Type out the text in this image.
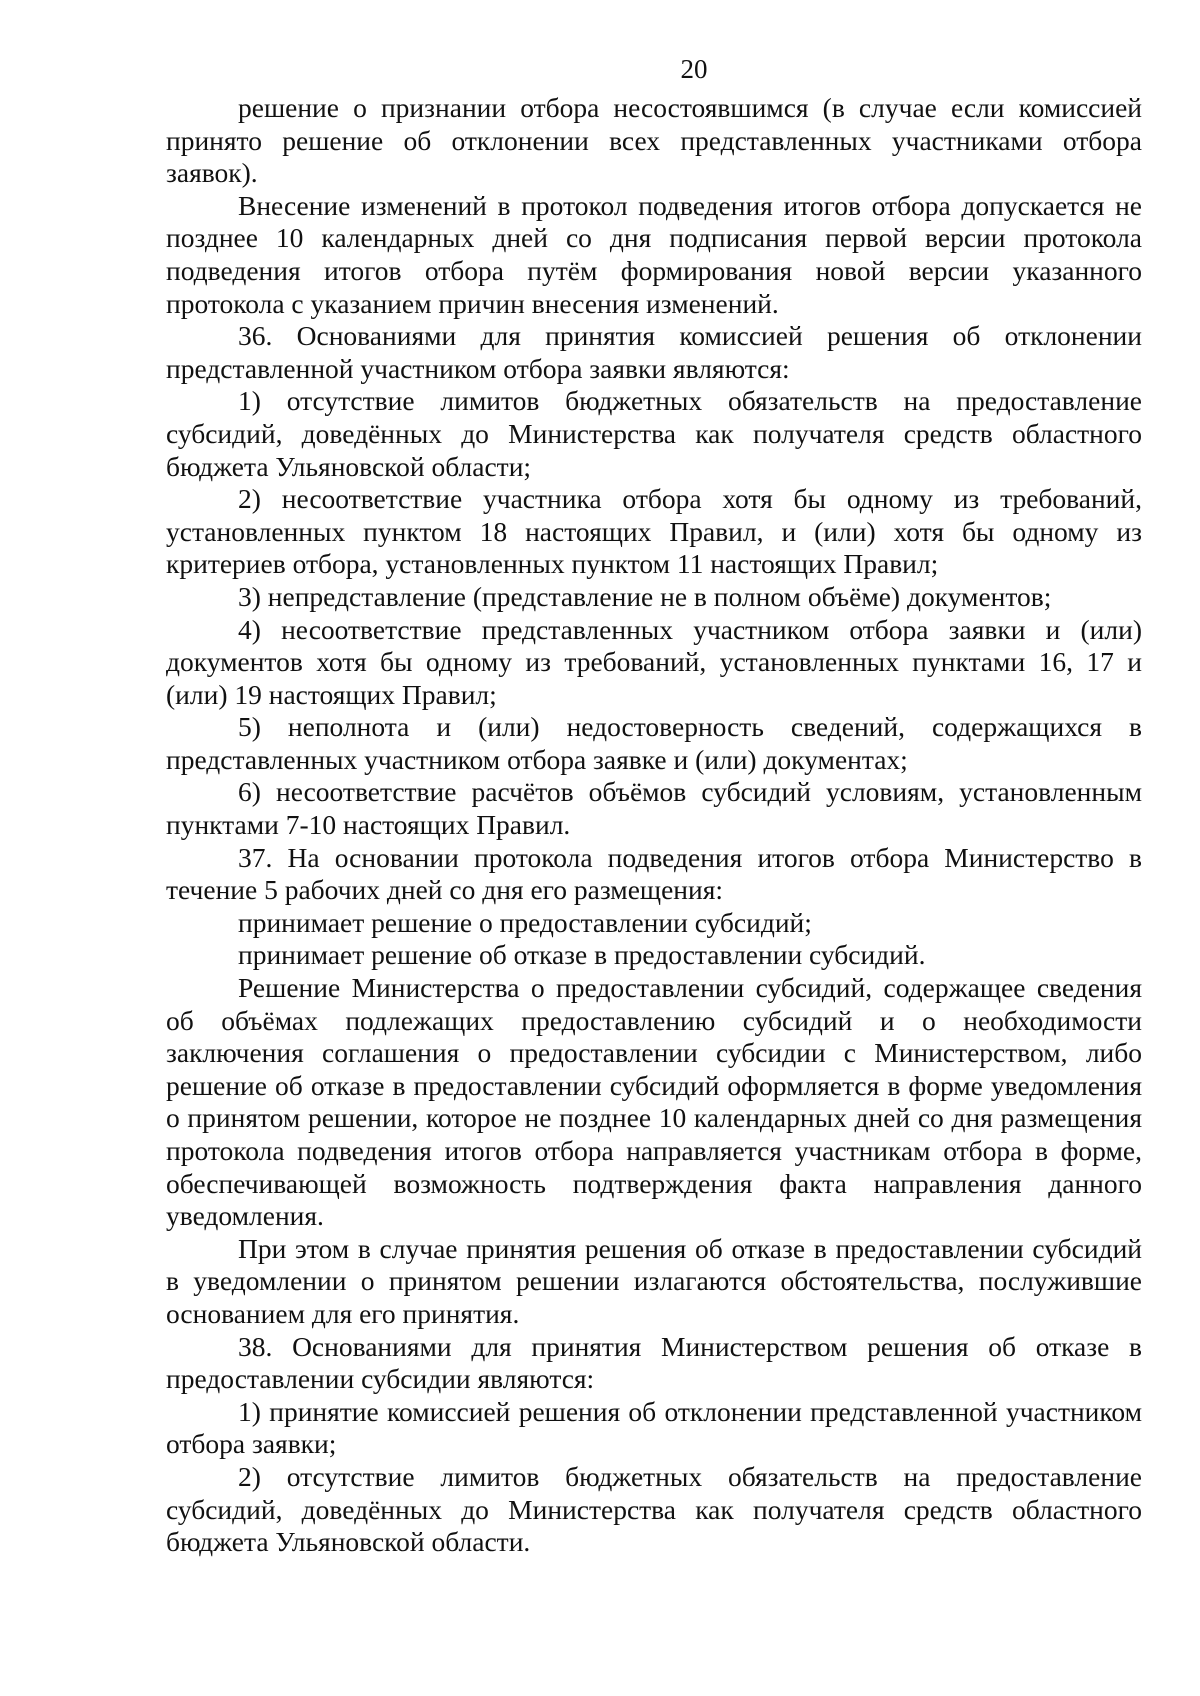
20

решение о признании отбора несостоявшимся (в случае если комиссией принято решение об отклонении всех представленных участниками отбора заявок).

Внесение изменений в протокол подведения итогов отбора допускается не позднее 10 календарных дней со дня подписания первой версии протокола подведения итогов отбора путём формирования новой версии указанного протокола с указанием причин внесения изменений.

36. Основаниями для принятия комиссией решения об отклонении представленной участником отбора заявки являются:

1) отсутствие лимитов бюджетных обязательств на предоставление субсидий, доведённых до Министерства как получателя средств областного бюджета Ульяновской области;

2) несоответствие участника отбора хотя бы одному из требований, установленных пунктом 18 настоящих Правил, и (или) хотя бы одному из критериев отбора, установленных пунктом 11 настоящих Правил;

3) непредставление (представление не в полном объёме) документов;

4) несоответствие представленных участником отбора заявки и (или) документов хотя бы одному из требований, установленных пунктами 16, 17 и (или) 19 настоящих Правил;

5) неполнота и (или) недостоверность сведений, содержащихся в представленных участником отбора заявке и (или) документах;

6) несоответствие расчётов объёмов субсидий условиям, установленным пунктами 7-10 настоящих Правил.

37. На основании протокола подведения итогов отбора Министерство в течение 5 рабочих дней со дня его размещения:

принимает решение о предоставлении субсидий;

принимает решение об отказе в предоставлении субсидий.

Решение Министерства о предоставлении субсидий, содержащее сведения об объёмах подлежащих предоставлению субсидий и о необходимости заключения соглашения о предоставлении субсидии с Министерством, либо решение об отказе в предоставлении субсидий оформляется в форме уведомления о принятом решении, которое не позднее 10 календарных дней со дня размещения протокола подведения итогов отбора направляется участникам отбора в форме, обеспечивающей возможность подтверждения факта направления данного уведомления.

При этом в случае принятия решения об отказе в предоставлении субсидий в уведомлении о принятом решении излагаются обстоятельства, послужившие основанием для его принятия.

38. Основаниями для принятия Министерством решения об отказе в предоставлении субсидии являются:

1) принятие комиссией решения об отклонении представленной участником отбора заявки;

2) отсутствие лимитов бюджетных обязательств на предоставление субсидий, доведённых до Министерства как получателя средств областного бюджета Ульяновской области.
